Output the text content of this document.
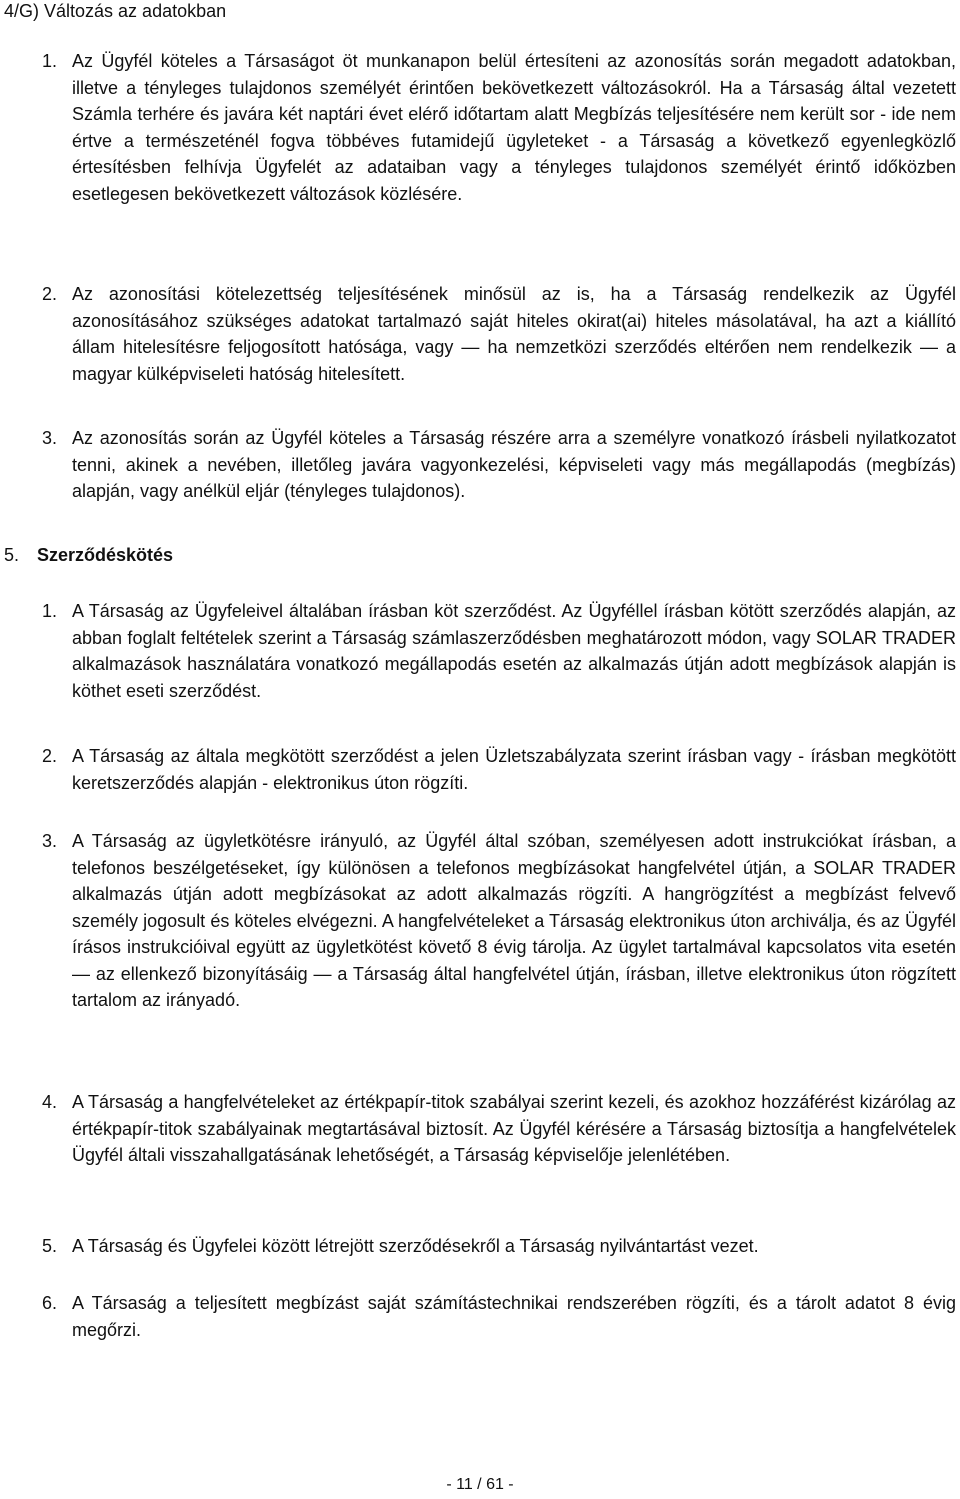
4/G) Változás az adatokban
1. Az Ügyfél köteles a Társaságot öt munkanapon belül értesíteni az azonosítás során megadott adatokban, illetve a tényleges tulajdonos személyét érintően bekövetkezett változásokról. Ha a Társaság által vezetett Számla terhére és javára két naptári évet elérő időtartam alatt Megbízás teljesítésére nem került sor - ide nem értve a természeténél fogva többéves futamidejű ügyleteket - a Társaság a következő egyenlegközlő értesítésben felhívja Ügyfelét az adataiban vagy a tényleges tulajdonos személyét érintő időközben esetlegesen bekövetkezett változások közlésére.

2. Az azonosítási kötelezettség teljesítésének minősül az is, ha a Társaság rendelkezik az Ügyfél azonosításához szükséges adatokat tartalmazó saját hiteles okirat(ai) hiteles másolatával, ha azt a kiállító állam hitelesítésre feljogosított hatósága, vagy — ha nemzetközi szerződés eltérően nem rendelkezik — a magyar külképviseleti hatóság hitelesített.

3. Az azonosítás során az Ügyfél köteles a Társaság részére arra a személyre vonatkozó írásbeli nyilatkozatot tenni, akinek a nevében, illetőleg javára vagyonkezelési, képviseleti vagy más megállapodás (megbízás) alapján, vagy anélkül eljár (tényleges tulajdonos).

5. Szerződéskötés
1. A Társaság az Ügyfeleivel általában írásban köt szerződést. Az Ügyféllel írásban kötött szerződés alapján, az abban foglalt feltételek szerint a Társaság számlaszerződésben meghatározott módon, vagy SOLAR TRADER alkalmazások használatára vonatkozó megállapodás esetén az alkalmazás útján adott megbízások alapján is köthet eseti szerződést.

2. A Társaság az általa megkötött szerződést a jelen Üzletszabályzata szerint írásban vagy - írásban megkötött keretszerződés alapján - elektronikus úton rögzíti.

3. A Társaság az ügyletkötésre irányuló, az Ügyfél által szóban, személyesen adott instrukciókat írásban, a telefonos beszélgetéseket, így különösen a telefonos megbízásokat hangfelvétel útján, a SOLAR TRADER alkalmazás útján adott megbízásokat az adott alkalmazás rögzíti. A hangrögzítést a megbízást felvevő személy jogosult és köteles elvégezni. A hangfelvételeket a Társaság elektronikus úton archiválja, és az Ügyfél írásos instrukcióival együtt az ügyletkötést követő 8 évig tárolja. Az ügylet tartalmával kapcsolatos vita esetén — az ellenkező bizonyításáig — a Társaság által hangfelvétel útján, írásban, illetve elektronikus úton rögzített tartalom az irányadó.

4. A Társaság a hangfelvételeket az értékpapír-titok szabályai szerint kezeli, és azokhoz hozzáférést kizárólag az értékpapír-titok szabályainak megtartásával biztosít. Az Ügyfél kérésére a Társaság biztosítja a hangfelvételek Ügyfél általi visszahallgatásának lehetőségét, a Társaság képviselője jelenlétében.

5. A Társaság és Ügyfelei között létrejött szerződésekről a Társaság nyilvántartást vezet.

6. A Társaság a teljesített megbízást saját számítástechnikai rendszerében rögzíti, és a tárolt adatot 8 évig megőrzi.

- 11 / 61 -
